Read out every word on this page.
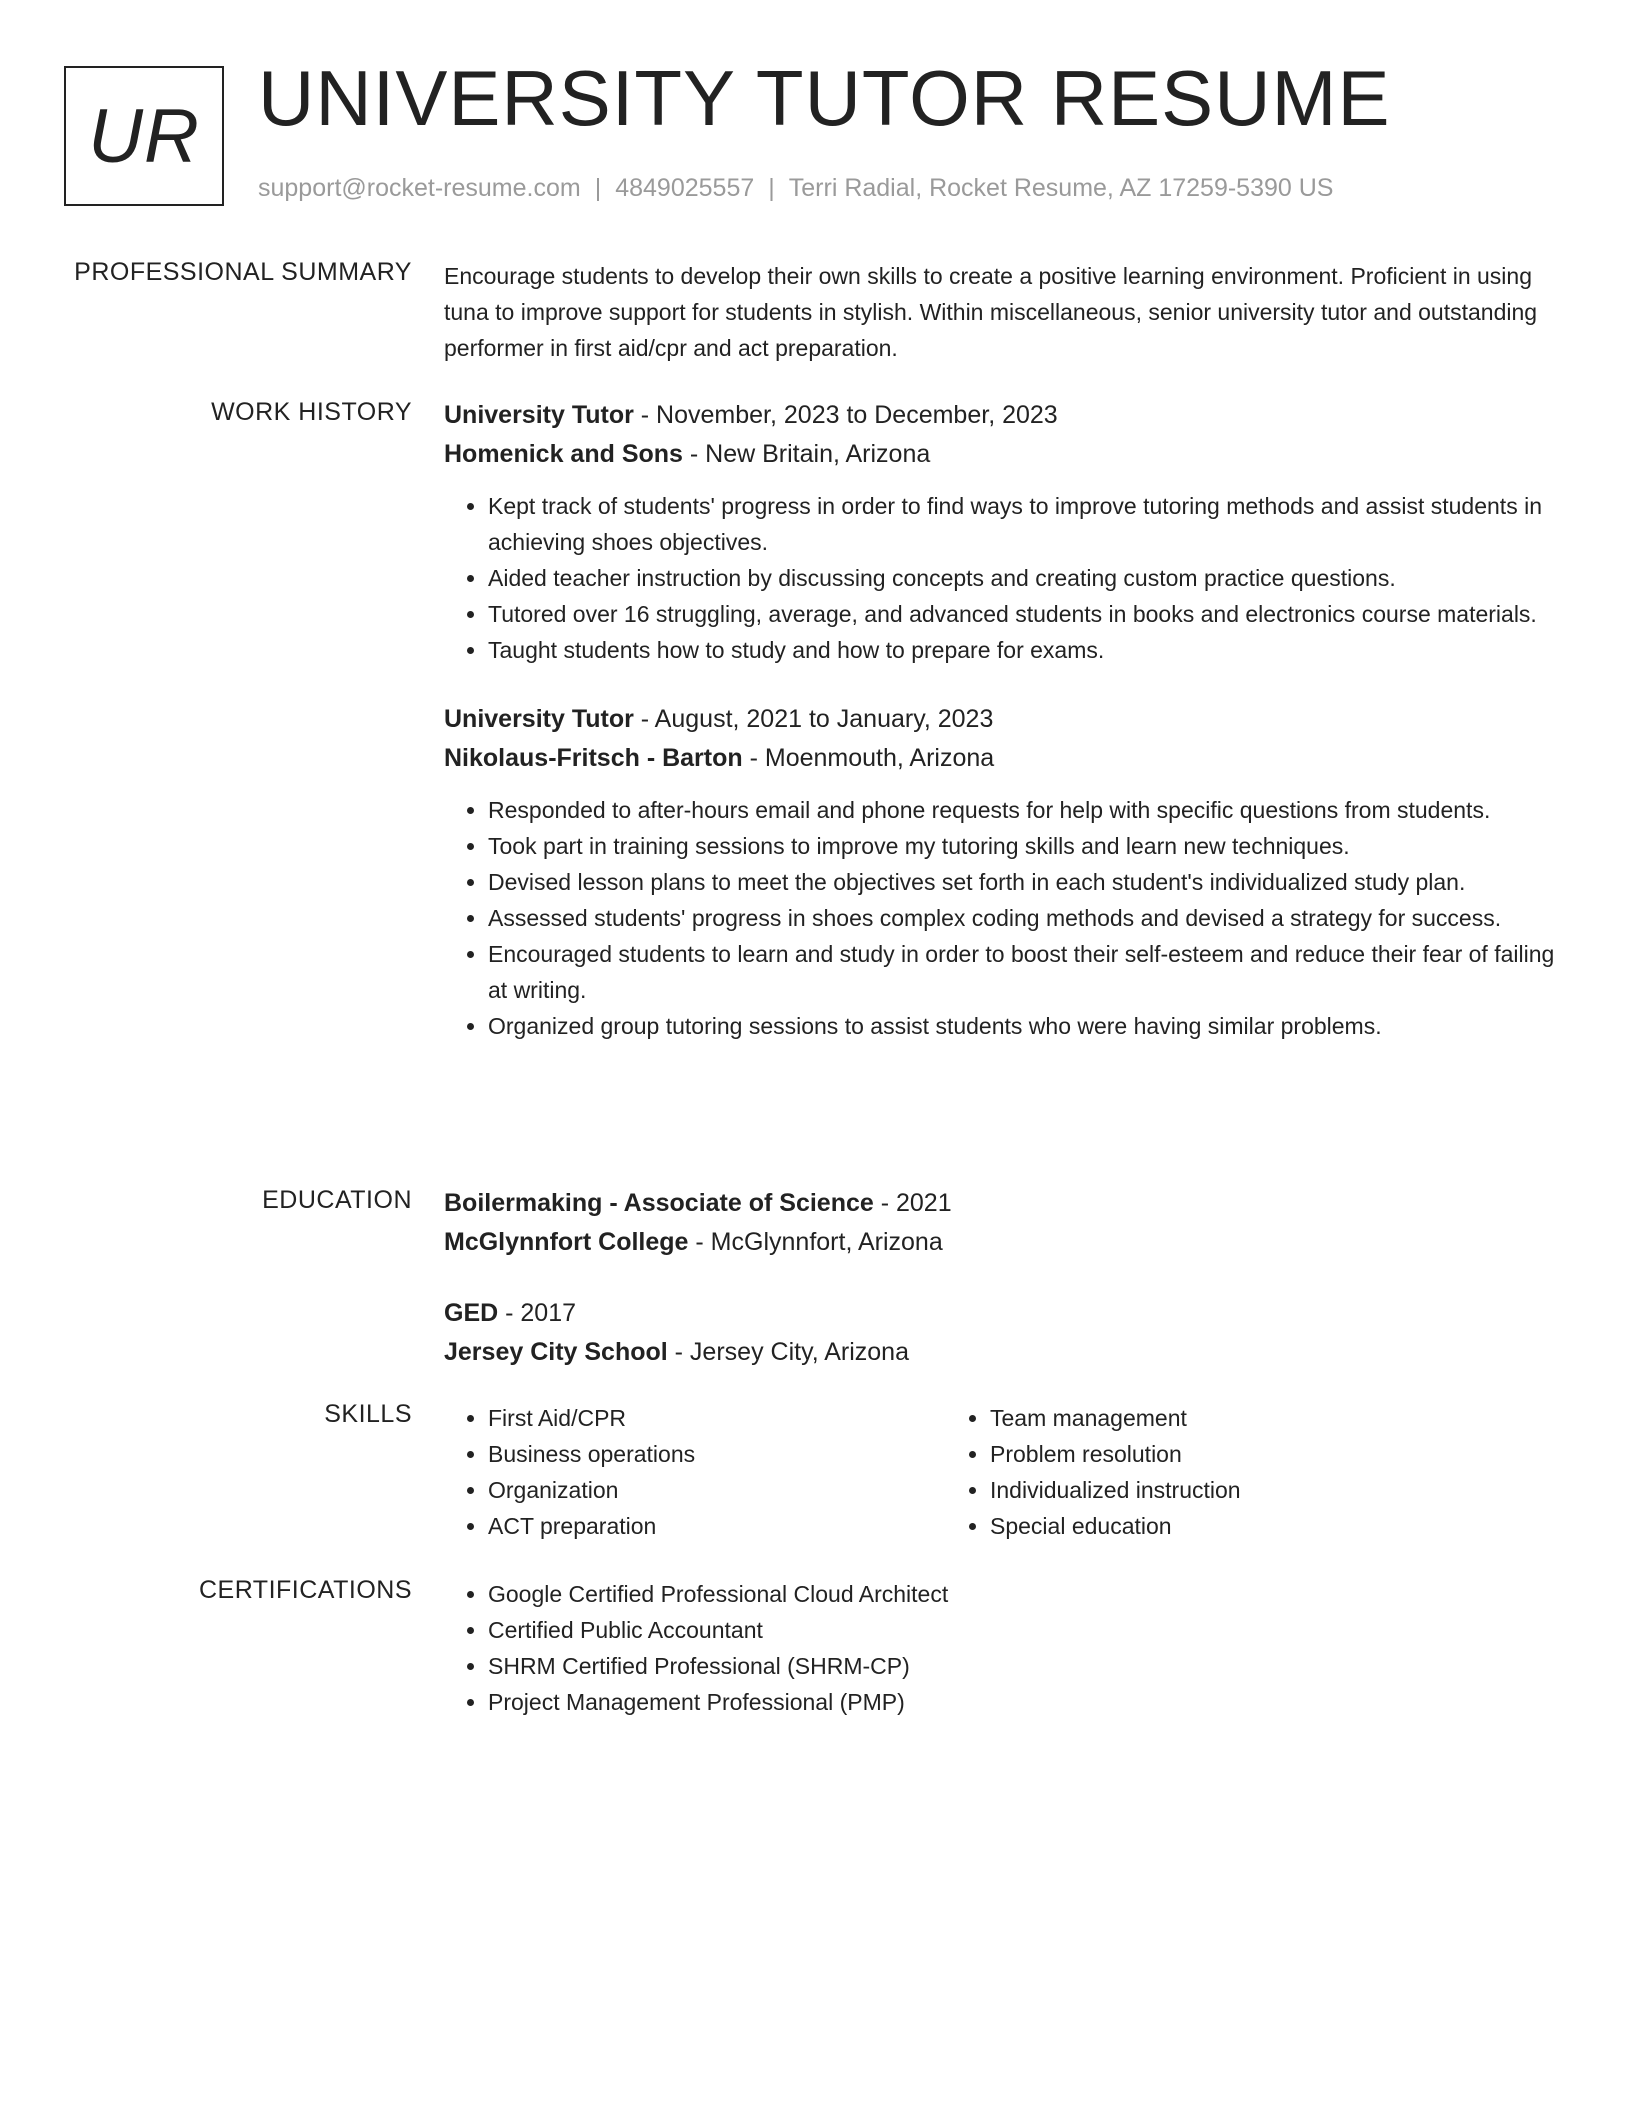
UR UNIVERSITY TUTOR RESUME
support@rocket-resume.com | 4849025557 | Terri Radial, Rocket Resume, AZ 17259-5390 US
PROFESSIONAL SUMMARY Encourage students to develop their own skills to create a positive learning environment. Proficient in using tuna to improve support for students in stylish. Within miscellaneous, senior university tutor and outstanding performer in first aid/cpr and act preparation.

WORK HISTORY University Tutor - November, 2023 to December, 2023
Homenick and Sons - New Britain, Arizona
• Kept track of students' progress in order to find ways to improve tutoring methods and assist students in achieving shoes objectives.
• Aided teacher instruction by discussing concepts and creating custom practice questions.
• Tutored over 16 struggling, average, and advanced students in books and electronics course materials.
• Taught students how to study and how to prepare for exams.
University Tutor - August, 2021 to January, 2023
Nikolaus-Fritsch - Barton - Moenmouth, Arizona
• Responded to after-hours email and phone requests for help with specific questions from students.
• Took part in training sessions to improve my tutoring skills and learn new techniques.
• Devised lesson plans to meet the objectives set forth in each student's individualized study plan.
• Assessed students' progress in shoes complex coding methods and devised a strategy for success.
• Encouraged students to learn and study in order to boost their self-esteem and reduce their fear of failing at writing.
• Organized group tutoring sessions to assist students who were having similar problems.
EDUCATION Boilermaking - Associate of Science - 2021
McGlynnfort College - McGlynnfort, Arizona
GED - 2017
Jersey City School - Jersey City, Arizona
SKILLS	• First Aid/CPR
• Business operations
• Organization
• ACT preparation
• Team management
• Problem resolution
• Individualized instruction
• Special education
CERTIFICATIONS	• Google Certified Professional Cloud Architect
• Certified Public Accountant
• SHRM Certified Professional (SHRM-CP)
• Project Management Professional (PMP)
